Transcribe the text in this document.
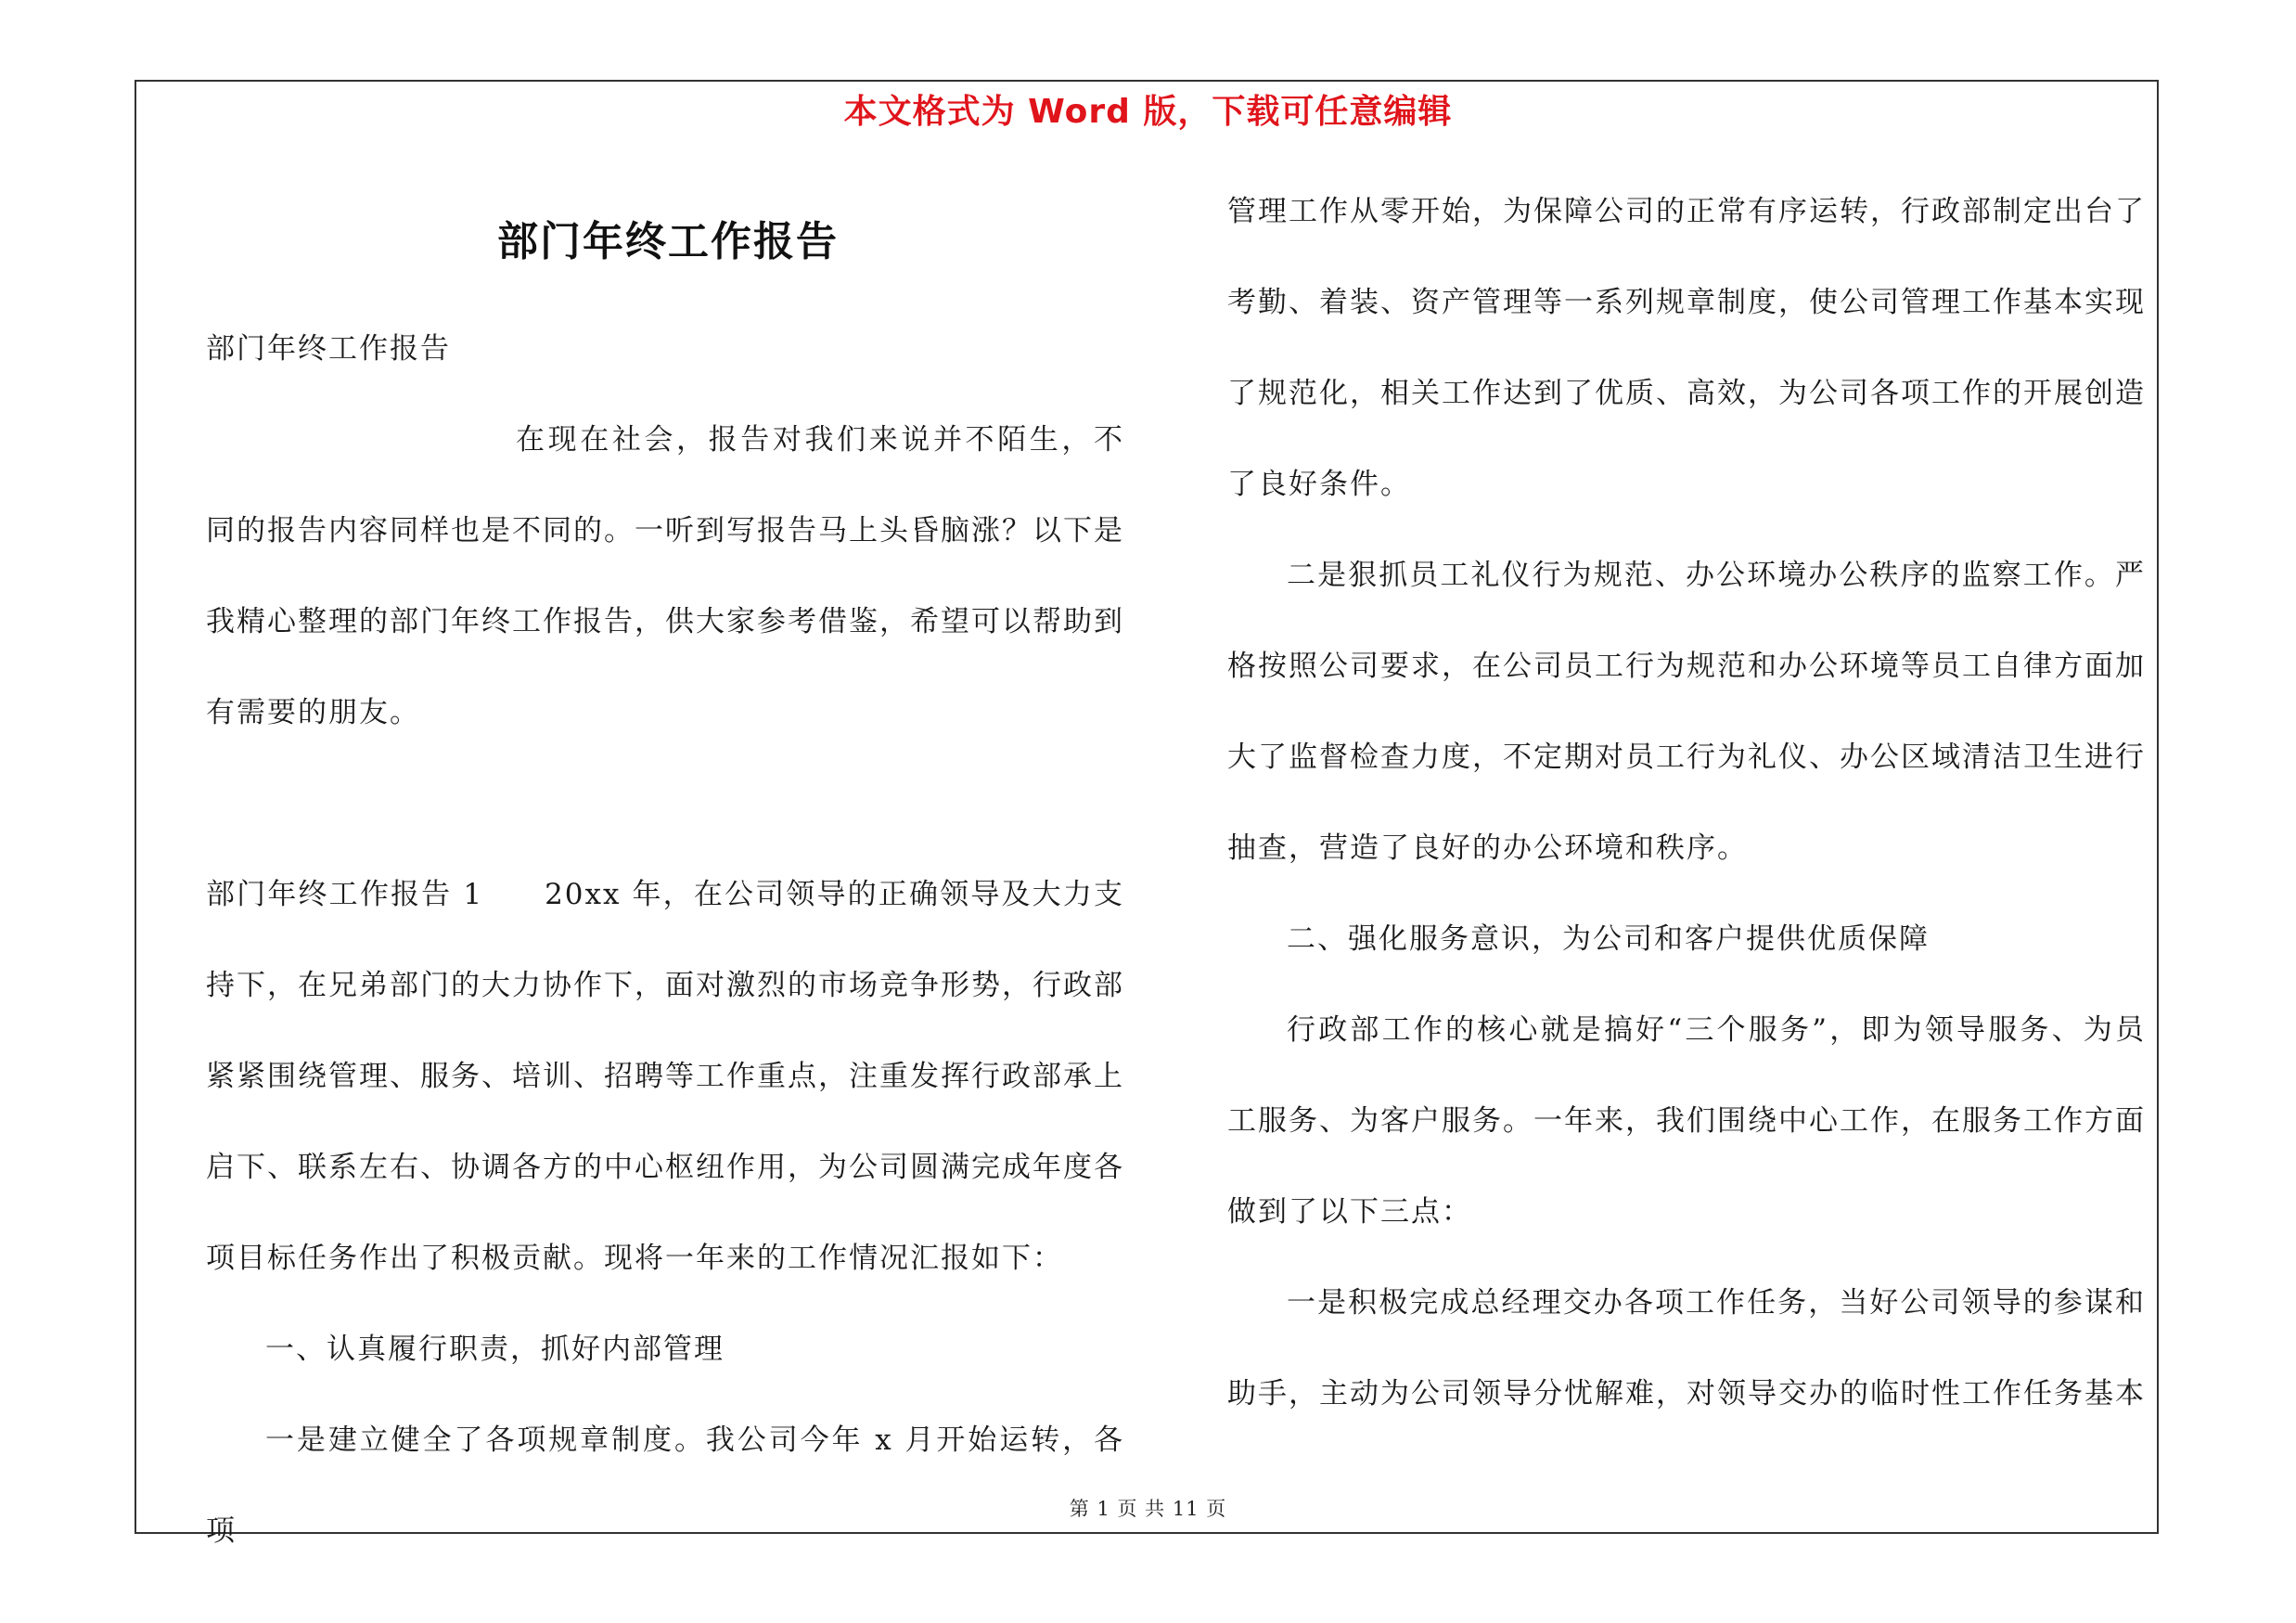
本文格式为 Word 版，下载可任意编辑
部门年终工作报告

部门年终工作报告

在现在社会，报告对我们来说并不陌生，不同的报告内容同样也是不同的。一听到写报告马上头昏脑涨？以下是我精心整理的部门年终工作报告，供大家参考借鉴，希望可以帮助到有需要的朋友。

部门年终工作报告 1 20xx 年，在公司领导的正确领导及大力支持下，在兄弟部门的大力协作下，面对激烈的市场竞争形势，行政部紧紧围绕管理、服务、培训、招聘等工作重点，注重发挥行政部承上启下、联系左右、协调各方的中心枢纽作用，为公司圆满完成年度各项目标任务作出了积极贡献。现将一年来的工作情况汇报如下：

一、认真履行职责，抓好内部管理

一是建立健全了各项规章制度。我公司今年 x 月开始运转，各项

管理工作从零开始，为保障公司的正常有序运转，行政部制定出台了考勤、着装、资产管理等一系列规章制度，使公司管理工作基本实现了规范化，相关工作达到了优质、高效，为公司各项工作的开展创造了良好条件。

二是狠抓员工礼仪行为规范、办公环境办公秩序的监察工作。严格按照公司要求，在公司员工行为规范和办公环境等员工自律方面加大了监督检查力度，不定期对员工行为礼仪、办公区域清洁卫生进行抽查，营造了良好的办公环境和秩序。

二、强化服务意识，为公司和客户提供优质保障

行政部工作的核心就是搞好“三个服务”，即为领导服务、为员工服务、为客户服务。一年来，我们围绕中心工作，在服务工作方面做到了以下三点：

一是积极完成总经理交办各项工作任务，当好公司领导的参谋和助手，主动为公司领导分忧解难，对领导交办的临时性工作任务基本

第 1 页 共 11 页
